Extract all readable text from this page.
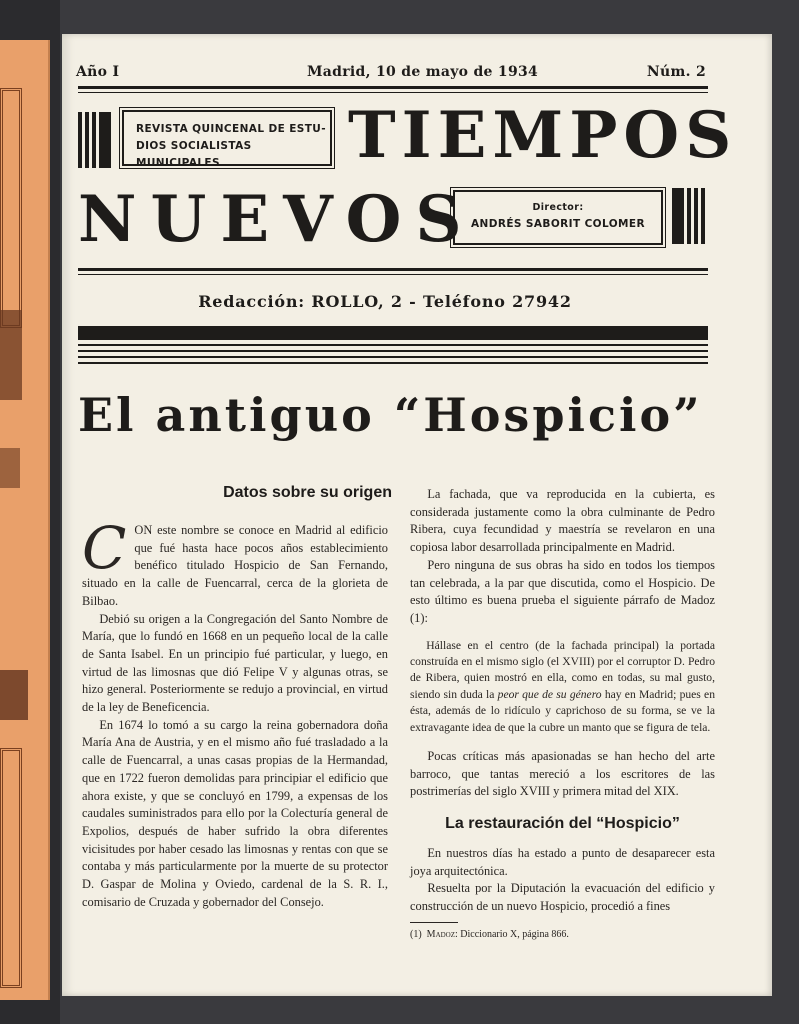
Año I	Madrid, 10 de mayo de 1934	Núm. 2
REVISTA QUINCENAL DE ESTU-
DIOS SOCIALISTAS MUNICIPALES	TIEMPOS
NUEVOS	Director:
ANDRÉS SABORIT COLOMER
Redacción: ROLLO, 2 - Teléfono 27942
El antiguo “Hospicio”
Datos sobre su origen

CON este nombre se conoce en Madrid al edificio que fué hasta hace pocos años establecimiento benéfico titulado Hospicio de San Fernando, situado en la calle de Fuencarral, cerca de la glorieta de Bilbao.

Debió su origen a la Congregación del Santo Nombre de María, que lo fundó en 1668 en un pequeño local de la calle de Santa Isabel. En un principio fué particular, y luego, en virtud de las limosnas que dió Felipe V y algunas otras, se hizo general. Posteriormente se redujo a provincial, en virtud de la ley de Beneficencia.

En 1674 lo tomó a su cargo la reina gobernadora doña María Ana de Austria, y en el mismo año fué trasladado a la calle de Fuencarral, a unas casas propias de la Hermandad, que en 1722 fueron demolidas para principiar el edificio que ahora existe, y que se concluyó en 1799, a expensas de los caudales suministrados para ello por la Colecturía general de Expolios, después de haber sufrido la obra diferentes vicisitudes por haber cesado las limosnas y rentas con que se contaba y más particularmente por la muerte de su protector D. Gaspar de Molina y Oviedo, cardenal de la S. R. I., comisario de Cruzada y gobernador del Consejo.

La fachada, que va reproducida en la cubierta, es considerada justamente como la obra culminante de Pedro Ribera, cuya fecundidad y maestría se revelaron en una copiosa labor desarrollada principalmente en Madrid.

Pero ninguna de sus obras ha sido en todos los tiempos tan celebrada, a la par que discutida, como el Hospicio. De esto último es buena prueba el siguiente párrafo de Madoz (1):

Hállase en el centro (de la fachada principal) la portada construída en el mismo siglo (el XVIII) por el corruptor D. Pedro de Ribera, quien mostró en ella, como en todas, su mal gusto, siendo sin duda la peor que de su género hay en Madrid; pues en ésta, además de lo ridículo y caprichoso de su forma, se ve la extravagante idea de que la cubre un manto que se figura de tela.

Pocas críticas más apasionadas se han hecho del arte barroco, que tantas mereció a los escritores de las postrimerías del siglo XVIII y primera mitad del XIX.

La restauración del “Hospicio”

En nuestros días ha estado a punto de desaparecer esta joya arquitectónica.

Resuelta por la Diputación la evacuación del edificio y construcción de un nuevo Hospicio, procedió a fines

(1) Madoz: Diccionario X, página 866.
